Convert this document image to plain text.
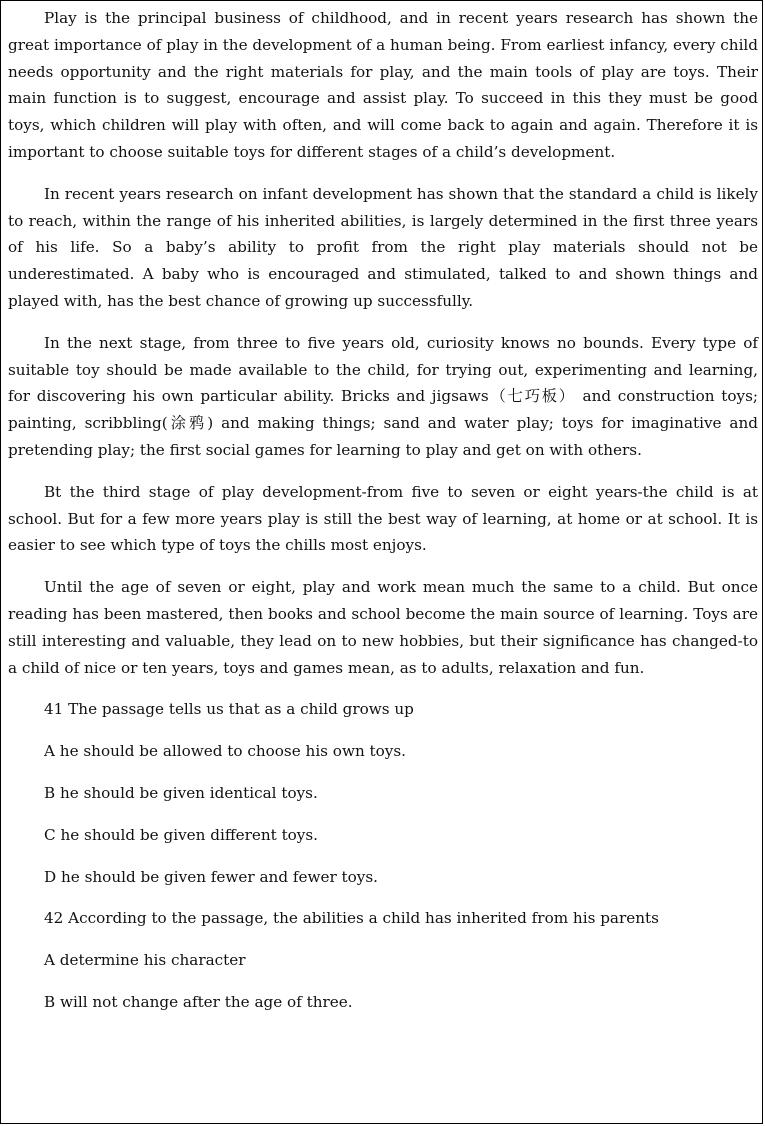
Play is the principal business of childhood, and in recent years research has shown the great importance of play in the development of a human being. From earliest infancy, every child needs opportunity and the right materials for play, and the main tools of play are toys. Their main function is to suggest, encourage and assist play. To succeed in this they must be good toys, which children will play with often, and will come back to again and again. Therefore it is important to choose suitable toys for different stages of a child’s development.

In recent years research on infant development has shown that the standard a child is likely to reach, within the range of his inherited abilities, is largely determined in the first three years of his life. So a baby’s ability to profit from the right play materials should not be underestimated. A baby who is encouraged and stimulated, talked to and shown things and played with, has the best chance of growing up successfully.

In the next stage, from three to five years old, curiosity knows no bounds. Every type of suitable toy should be made available to the child, for trying out, experimenting and learning, for discovering his own particular ability. Bricks and jigsaws（七巧板） and construction toys; painting, scribbling(涂鸦) and making things; sand and water play; toys for imaginative and pretending play; the first social games for learning to play and get on with others.

Bt the third stage of play development-from five to seven or eight years-the child is at school. But for a few more years play is still the best way of learning, at home or at school. It is easier to see which type of toys the chills most enjoys.

Until the age of seven or eight, play and work mean much the same to a child. But once reading has been mastered, then books and school become the main source of learning. Toys are still interesting and valuable, they lead on to new hobbies, but their significance has changed-to a child of nice or ten years, toys and games mean, as to adults, relaxation and fun.

41 The passage tells us that as a child grows up

A he should be allowed to choose his own toys.

B he should be given identical toys.

C he should be given different toys.

D he should be given fewer and fewer toys.

42 According to the passage, the abilities a child has inherited from his parents

A determine his character

B will not change after the age of three.
